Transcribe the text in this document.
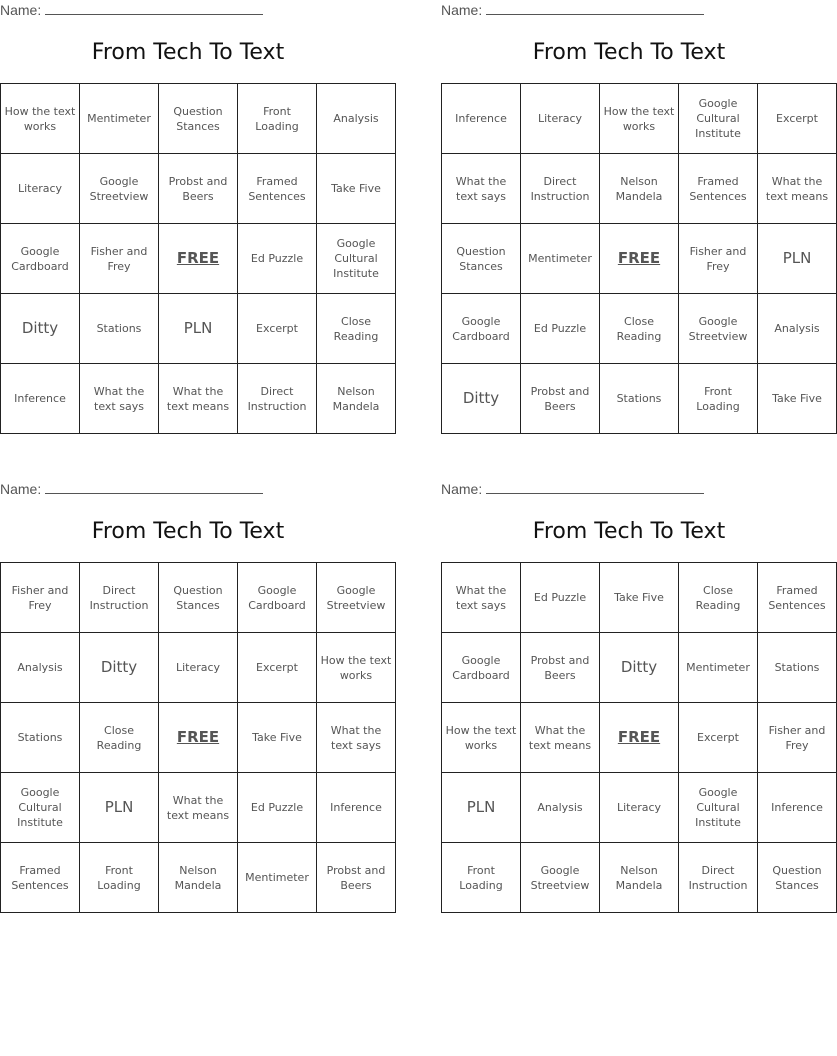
Name:
From Tech To Text
How the text works	Mentimeter	Question Stances	Front Loading	Analysis
Literacy	Google Streetview	Probst and Beers	Framed Sentences	Take Five
Google Cardboard	Fisher and Frey	FREE	Ed Puzzle	Google Cultural Institute
Ditty	Stations	PLN	Excerpt	Close Reading
Inference	What the text says	What the text means	Direct Instruction	Nelson Mandela
Name:
From Tech To Text
Inference	Literacy	How the text works	Google Cultural Institute	Excerpt
What the text says	Direct Instruction	Nelson Mandela	Framed Sentences	What the text means
Question Stances	Mentimeter	FREE	Fisher and Frey	PLN
Google Cardboard	Ed Puzzle	Close Reading	Google Streetview	Analysis
Ditty	Probst and Beers	Stations	Front Loading	Take Five
Name:
From Tech To Text
Fisher and Frey	Direct Instruction	Question Stances	Google Cardboard	Google Streetview
Analysis	Ditty	Literacy	Excerpt	How the text works
Stations	Close Reading	FREE	Take Five	What the text says
Google Cultural Institute	PLN	What the text means	Ed Puzzle	Inference
Framed Sentences	Front Loading	Nelson Mandela	Mentimeter	Probst and Beers
Name:
From Tech To Text
What the text says	Ed Puzzle	Take Five	Close Reading	Framed Sentences
Google Cardboard	Probst and Beers	Ditty	Mentimeter	Stations
How the text works	What the text means	FREE	Excerpt	Fisher and Frey
PLN	Analysis	Literacy	Google Cultural Institute	Inference
Front Loading	Google Streetview	Nelson Mandela	Direct Instruction	Question Stances
